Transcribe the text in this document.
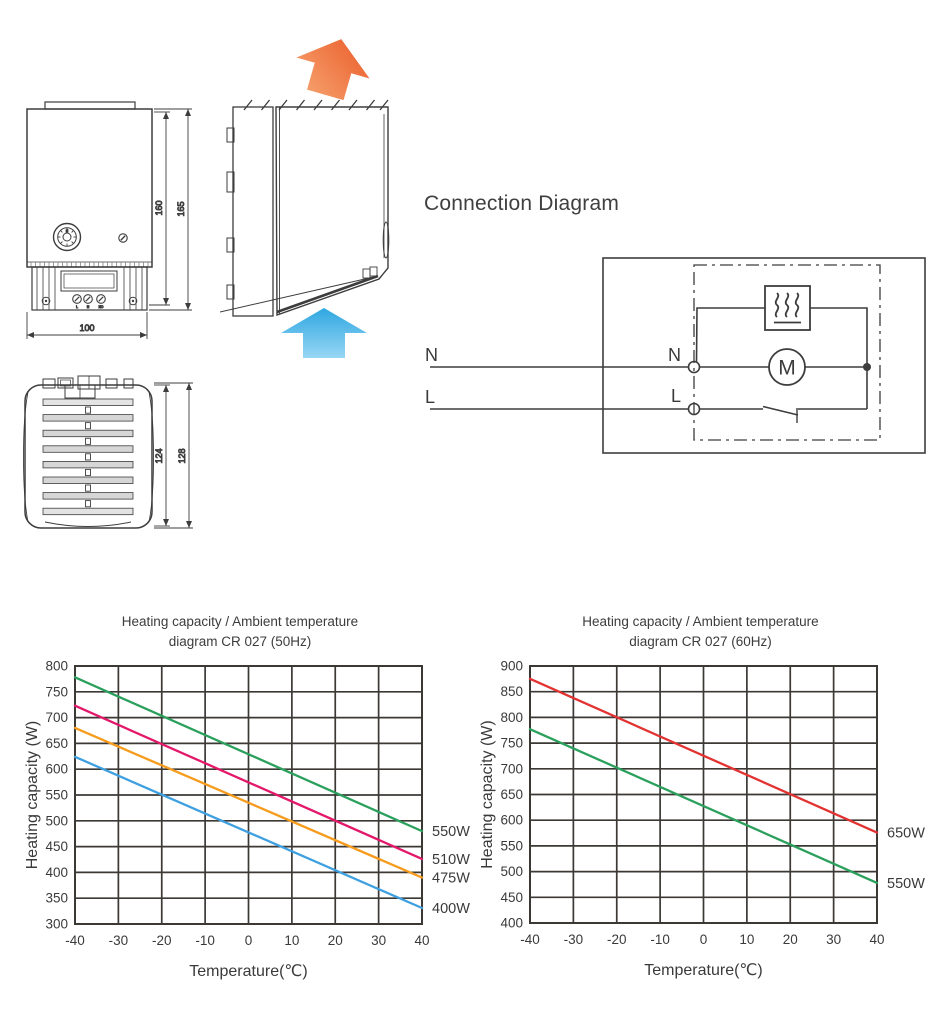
L	N	NO
160 165
100
124 128
Connection Diagram
N
L
N
L
M
Heating capacity / Ambient temperature
diagram CR 027 (50Hz)
-40 -30 -20 -10 0 10 20 30 40
300
350
400
450
500
550
600
650
700
750
800
550W
510W
475W
400W
Temperature(℃)
Heating capacity (W)
Heating capacity / Ambient temperature
diagram CR 027 (60Hz)
-40 -30 -20 -10 0 10 20 30 40
400
450
500
550
600
650
700
750
800
850
900
650W
550W
Temperature(℃)
Heating capacity (W)
